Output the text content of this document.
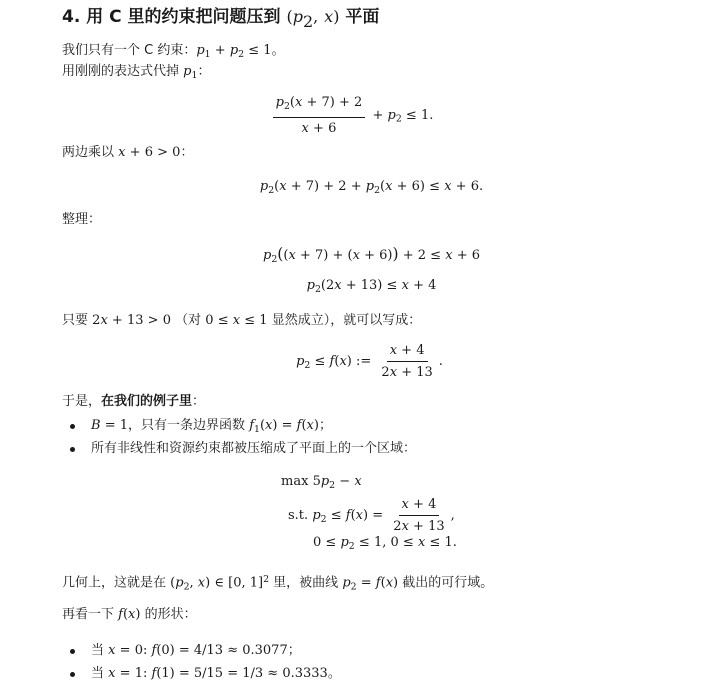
4. 用 C 里的约束把问题压到 (p2, x) 平面
我们只有一个 C 约束：$p_1 + p_2 \le 1$。
用刚刚的表达式代掉 $p_1$：
$\frac{p_2(x + 7) + 2}{x + 6} + p_2 \le 1$.
两边乘以 x + 6 > 0：
$p_2(x + 7) + 2 + p_2(x + 6) \le x + 6$.
整理：
$p_2((x + 7) + (x + 6)) + 2 \le x + 6$
$p_2(2x + 13) \le x + 4$
只要 2x + 13 > 0 （对 0 ≤ x ≤ 1 显然成立），就可以写成：
$p_2 \le f(x)$ := $\frac{x + 4}{2x + 13}$ .
于是，在我们的例子里：
B = 1，只有一条边界函数 $f_1(x) = f(x)$；
所有非线性和资源约束都被压缩成了平面上的一个区域：
$\max 5p_2 - x$
s.t. $p_2 \le f(x) = \frac{x + 4}{2x + 13}$ ,
$0 \le p_2 \le 1$, 0 ≤ x ≤ 1.
几何上，这就是在 ($p_2$, x) ∈ [0, 1]$^2$ 里，被曲线 $p_2 = f(x)$ 截出的可行域。
再看一下 f(x) 的形状：
当 x = 0: f(0) = 4/13 ≈ 0.3077；
当 x = 1: f(1) = 5/15 = 1/3 ≈ 0.3333。
